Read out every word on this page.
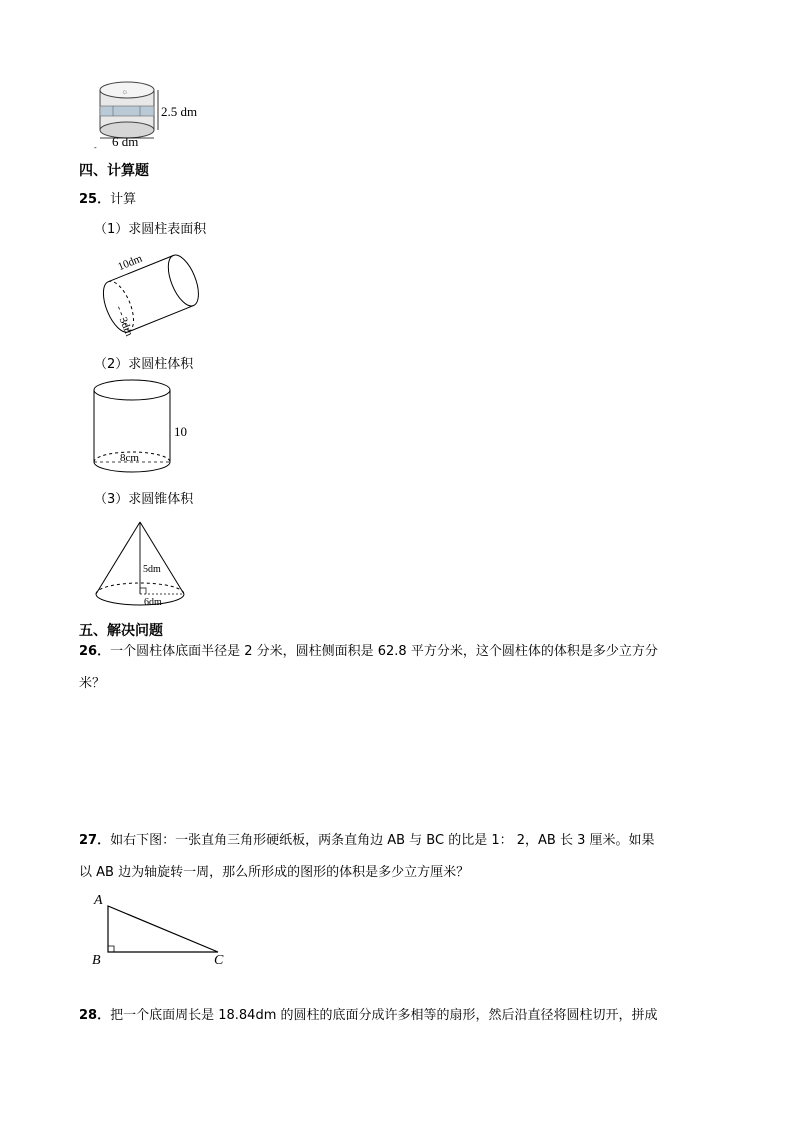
☼
2.5 dm
6 dm
-
四、计算题
25．计算
（1）求圆柱表面积
10dm
3dm
（2）求圆柱体积
8cm
10
（3）求圆锥体积
5dm
6dm
五、解决问题
26．一个圆柱体底面半径是 2 分米，圆柱侧面积是 62.8 平方分米，这个圆柱体的体积是多少立方分
米？
27．如右下图：一张直角三角形硬纸板，两条直角边 AB 与 BC 的比是 1： 2，AB 长 3 厘米。如果
以 AB 边为轴旋转一周，那么所形成的图形的体积是多少立方厘米？
A
B	C
28．把一个底面周长是 18.84dm 的圆柱的底面分成许多相等的扇形，然后沿直径将圆柱切开，拼成
